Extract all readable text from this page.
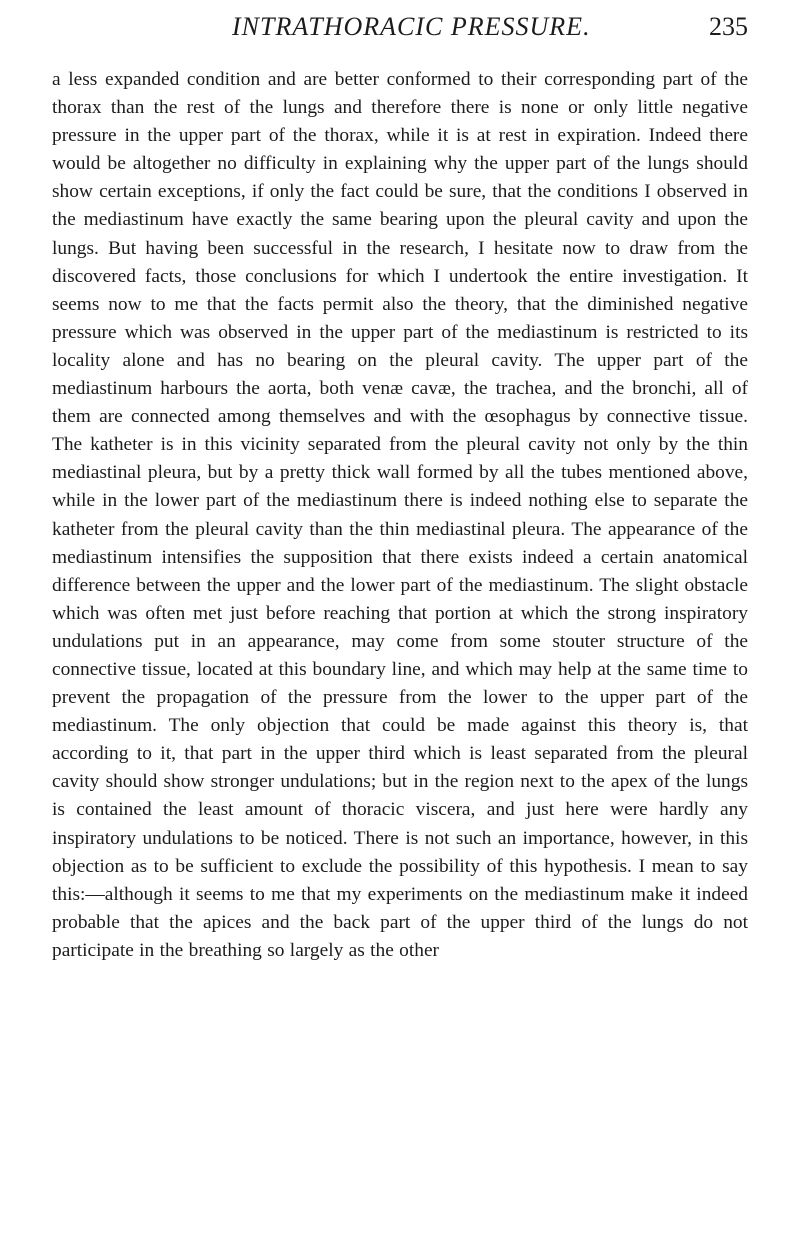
INTRATHORACIC PRESSURE.	235

a less expanded condition and are better conformed to their corresponding part of the thorax than the rest of the lungs and therefore there is none or only little negative pressure in the upper part of the thorax, while it is at rest in expiration. Indeed there would be altogether no difficulty in explaining why the upper part of the lungs should show certain exceptions, if only the fact could be sure, that the conditions I observed in the mediastinum have exactly the same bearing upon the pleural cavity and upon the lungs. But having been successful in the research, I hesitate now to draw from the discovered facts, those conclusions for which I undertook the entire investigation. It seems now to me that the facts permit also the theory, that the diminished negative pressure which was observed in the upper part of the mediastinum is restricted to its locality alone and has no bearing on the pleural cavity. The upper part of the mediastinum harbours the aorta, both venæ cavæ, the trachea, and the bronchi, all of them are connected among themselves and with the œsophagus by connective tissue. The katheter is in this vicinity separated from the pleural cavity not only by the thin mediastinal pleura, but by a pretty thick wall formed by all the tubes mentioned above, while in the lower part of the mediastinum there is indeed nothing else to separate the katheter from the pleural cavity than the thin mediastinal pleura. The appearance of the mediastinum intensifies the supposition that there exists indeed a certain anatomical difference between the upper and the lower part of the mediastinum. The slight obstacle which was often met just before reaching that portion at which the strong inspiratory undulations put in an appearance, may come from some stouter structure of the connective tissue, located at this boundary line, and which may help at the same time to prevent the propagation of the pressure from the lower to the upper part of the mediastinum. The only objection that could be made against this theory is, that according to it, that part in the upper third which is least separated from the pleural cavity should show stronger undulations; but in the region next to the apex of the lungs is contained the least amount of thoracic viscera, and just here were hardly any inspiratory undulations to be noticed. There is not such an importance, however, in this objection as to be sufficient to exclude the possibility of this hypothesis. I mean to say this:—although it seems to me that my experiments on the mediastinum make it indeed probable that the apices and the back part of the upper third of the lungs do not participate in the breathing so largely as the other
